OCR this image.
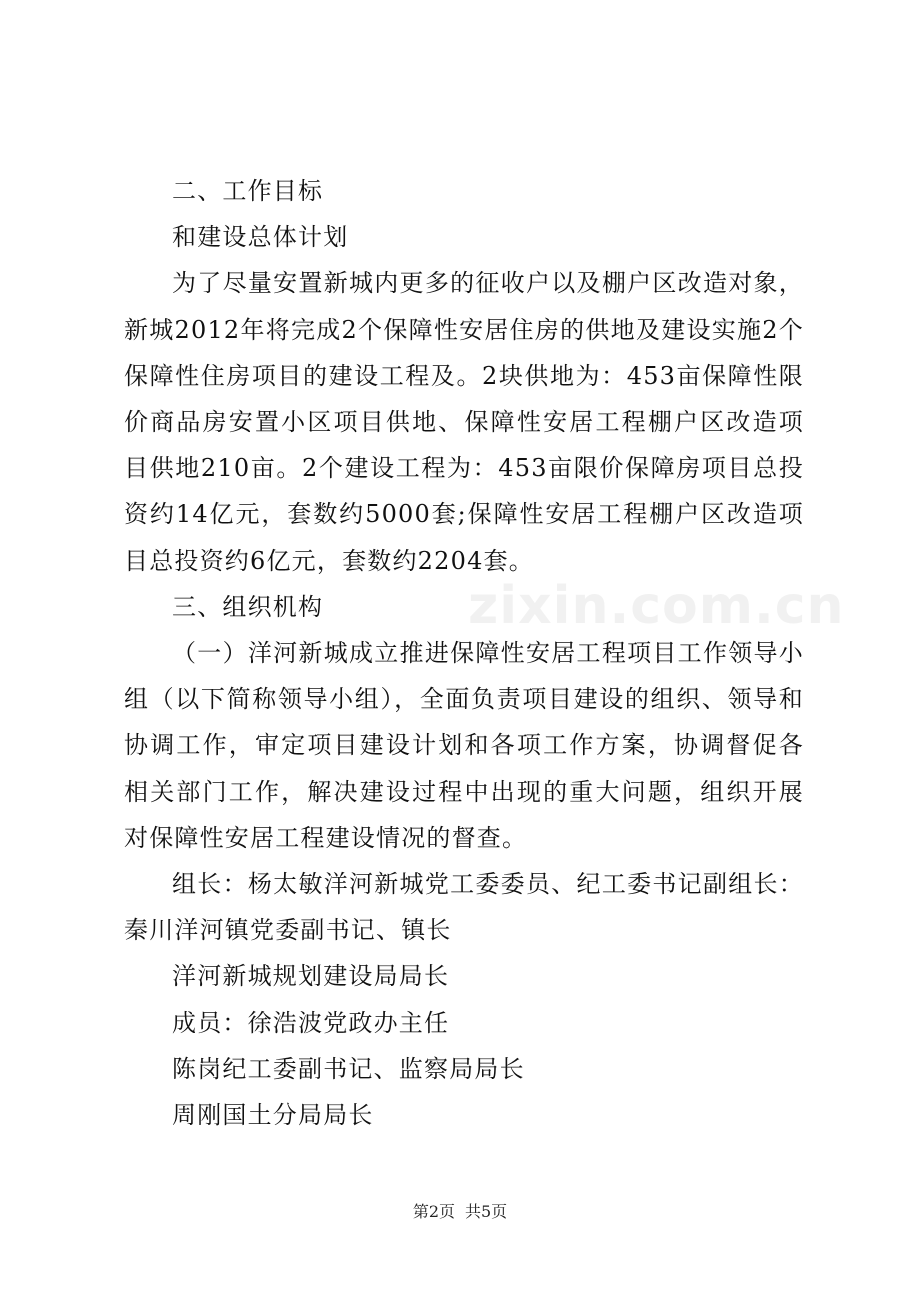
zixin.com.cn

二、工作目标

和建设总体计划

为了尽量安置新城内更多的征收户以及棚户区改造对象，新城2012年将完成2个保障性安居住房的供地及建设实施2个保障性住房项目的建设工程及。2块供地为：453亩保障性限价商品房安置小区项目供地、保障性安居工程棚户区改造项目供地210亩。2个建设工程为：453亩限价保障房项目总投资约14亿元，套数约5000套;保障性安居工程棚户区改造项目总投资约6亿元，套数约2204套。

三、组织机构

（一）洋河新城成立推进保障性安居工程项目工作领导小组（以下简称领导小组），全面负责项目建设的组织、领导和协调工作，审定项目建设计划和各项工作方案，协调督促各相关部门工作，解决建设过程中出现的重大问题，组织开展对保障性安居工程建设情况的督查。

组长：杨太敏洋河新城党工委委员、纪工委书记副组长：秦川洋河镇党委副书记、镇长

洋河新城规划建设局局长

成员：徐浩波党政办主任

陈岗纪工委副书记、监察局局长

周刚国土分局局长

第2页 共5页
